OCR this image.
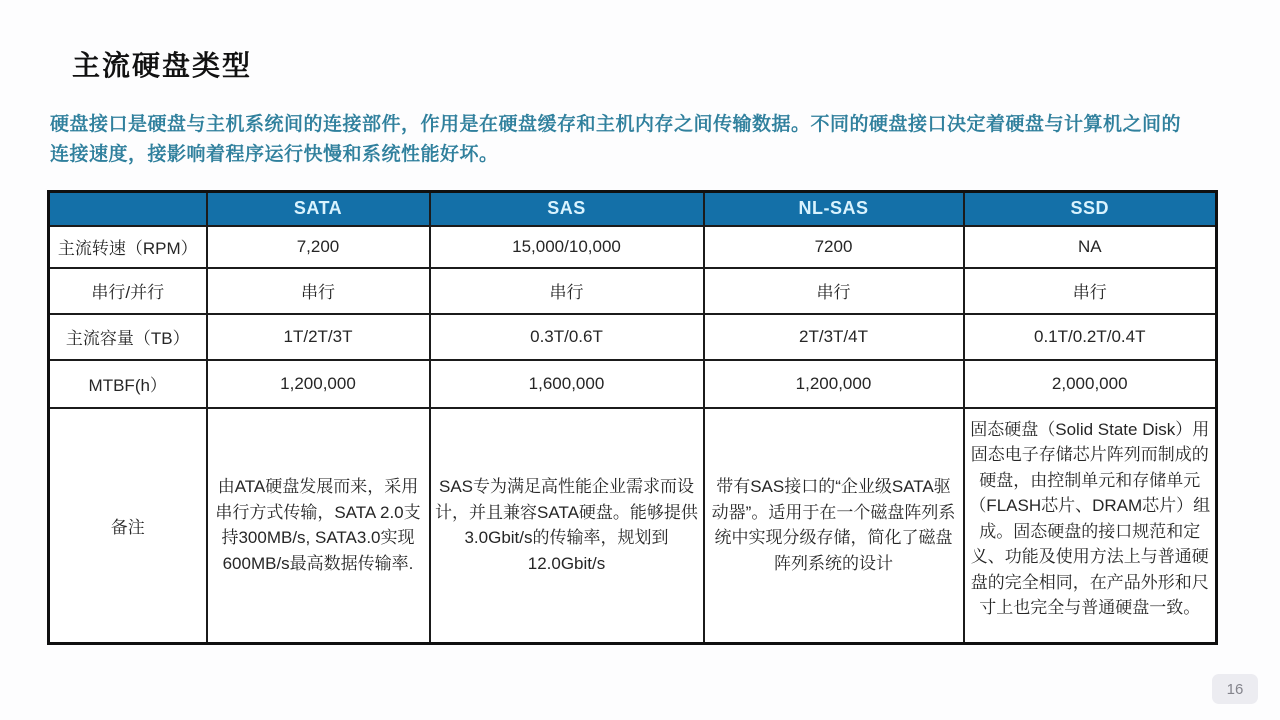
主流硬盘类型
硬盘接口是硬盘与主机系统间的连接部件，作用是在硬盘缓存和主机内存之间传输数据。不同的硬盘接口决定着硬盘与计算机之间的连接速度，接影响着程序运行快慢和系统性能好坏。
	SATA	SAS	NL-SAS	SSD
主流转速（RPM）	7,200	15,000/10,000	7200	NA
串行/并行	串行	串行	串行	串行
主流容量（TB）	1T/2T/3T	0.3T/0.6T	2T/3T/4T	0.1T/0.2T/0.4T
MTBF(h）	1,200,000	1,600,000	1,200,000	2,000,000
备注	由ATA硬盘发展而来，采用串行方式传输，SATA 2.0支持300MB/s, SATA3.0实现600MB/s最高数据传输率.	SAS专为满足高性能企业需求而设计，并且兼容SATA硬盘。能够提供3.0Gbit/s的传输率，规划到12.0Gbit/s	带有SAS接口的“企业级SATA驱动器”。适用于在一个磁盘阵列系统中实现分级存储，简化了磁盘阵列系统的设计	固态硬盘（Solid State Disk）用固态电子存储芯片阵列而制成的硬盘，由控制单元和存储单元（FLASH芯片、DRAM芯片）组成。固态硬盘的接口规范和定义、功能及使用方法上与普通硬盘的完全相同，在产品外形和尺寸上也完全与普通硬盘一致。
16
